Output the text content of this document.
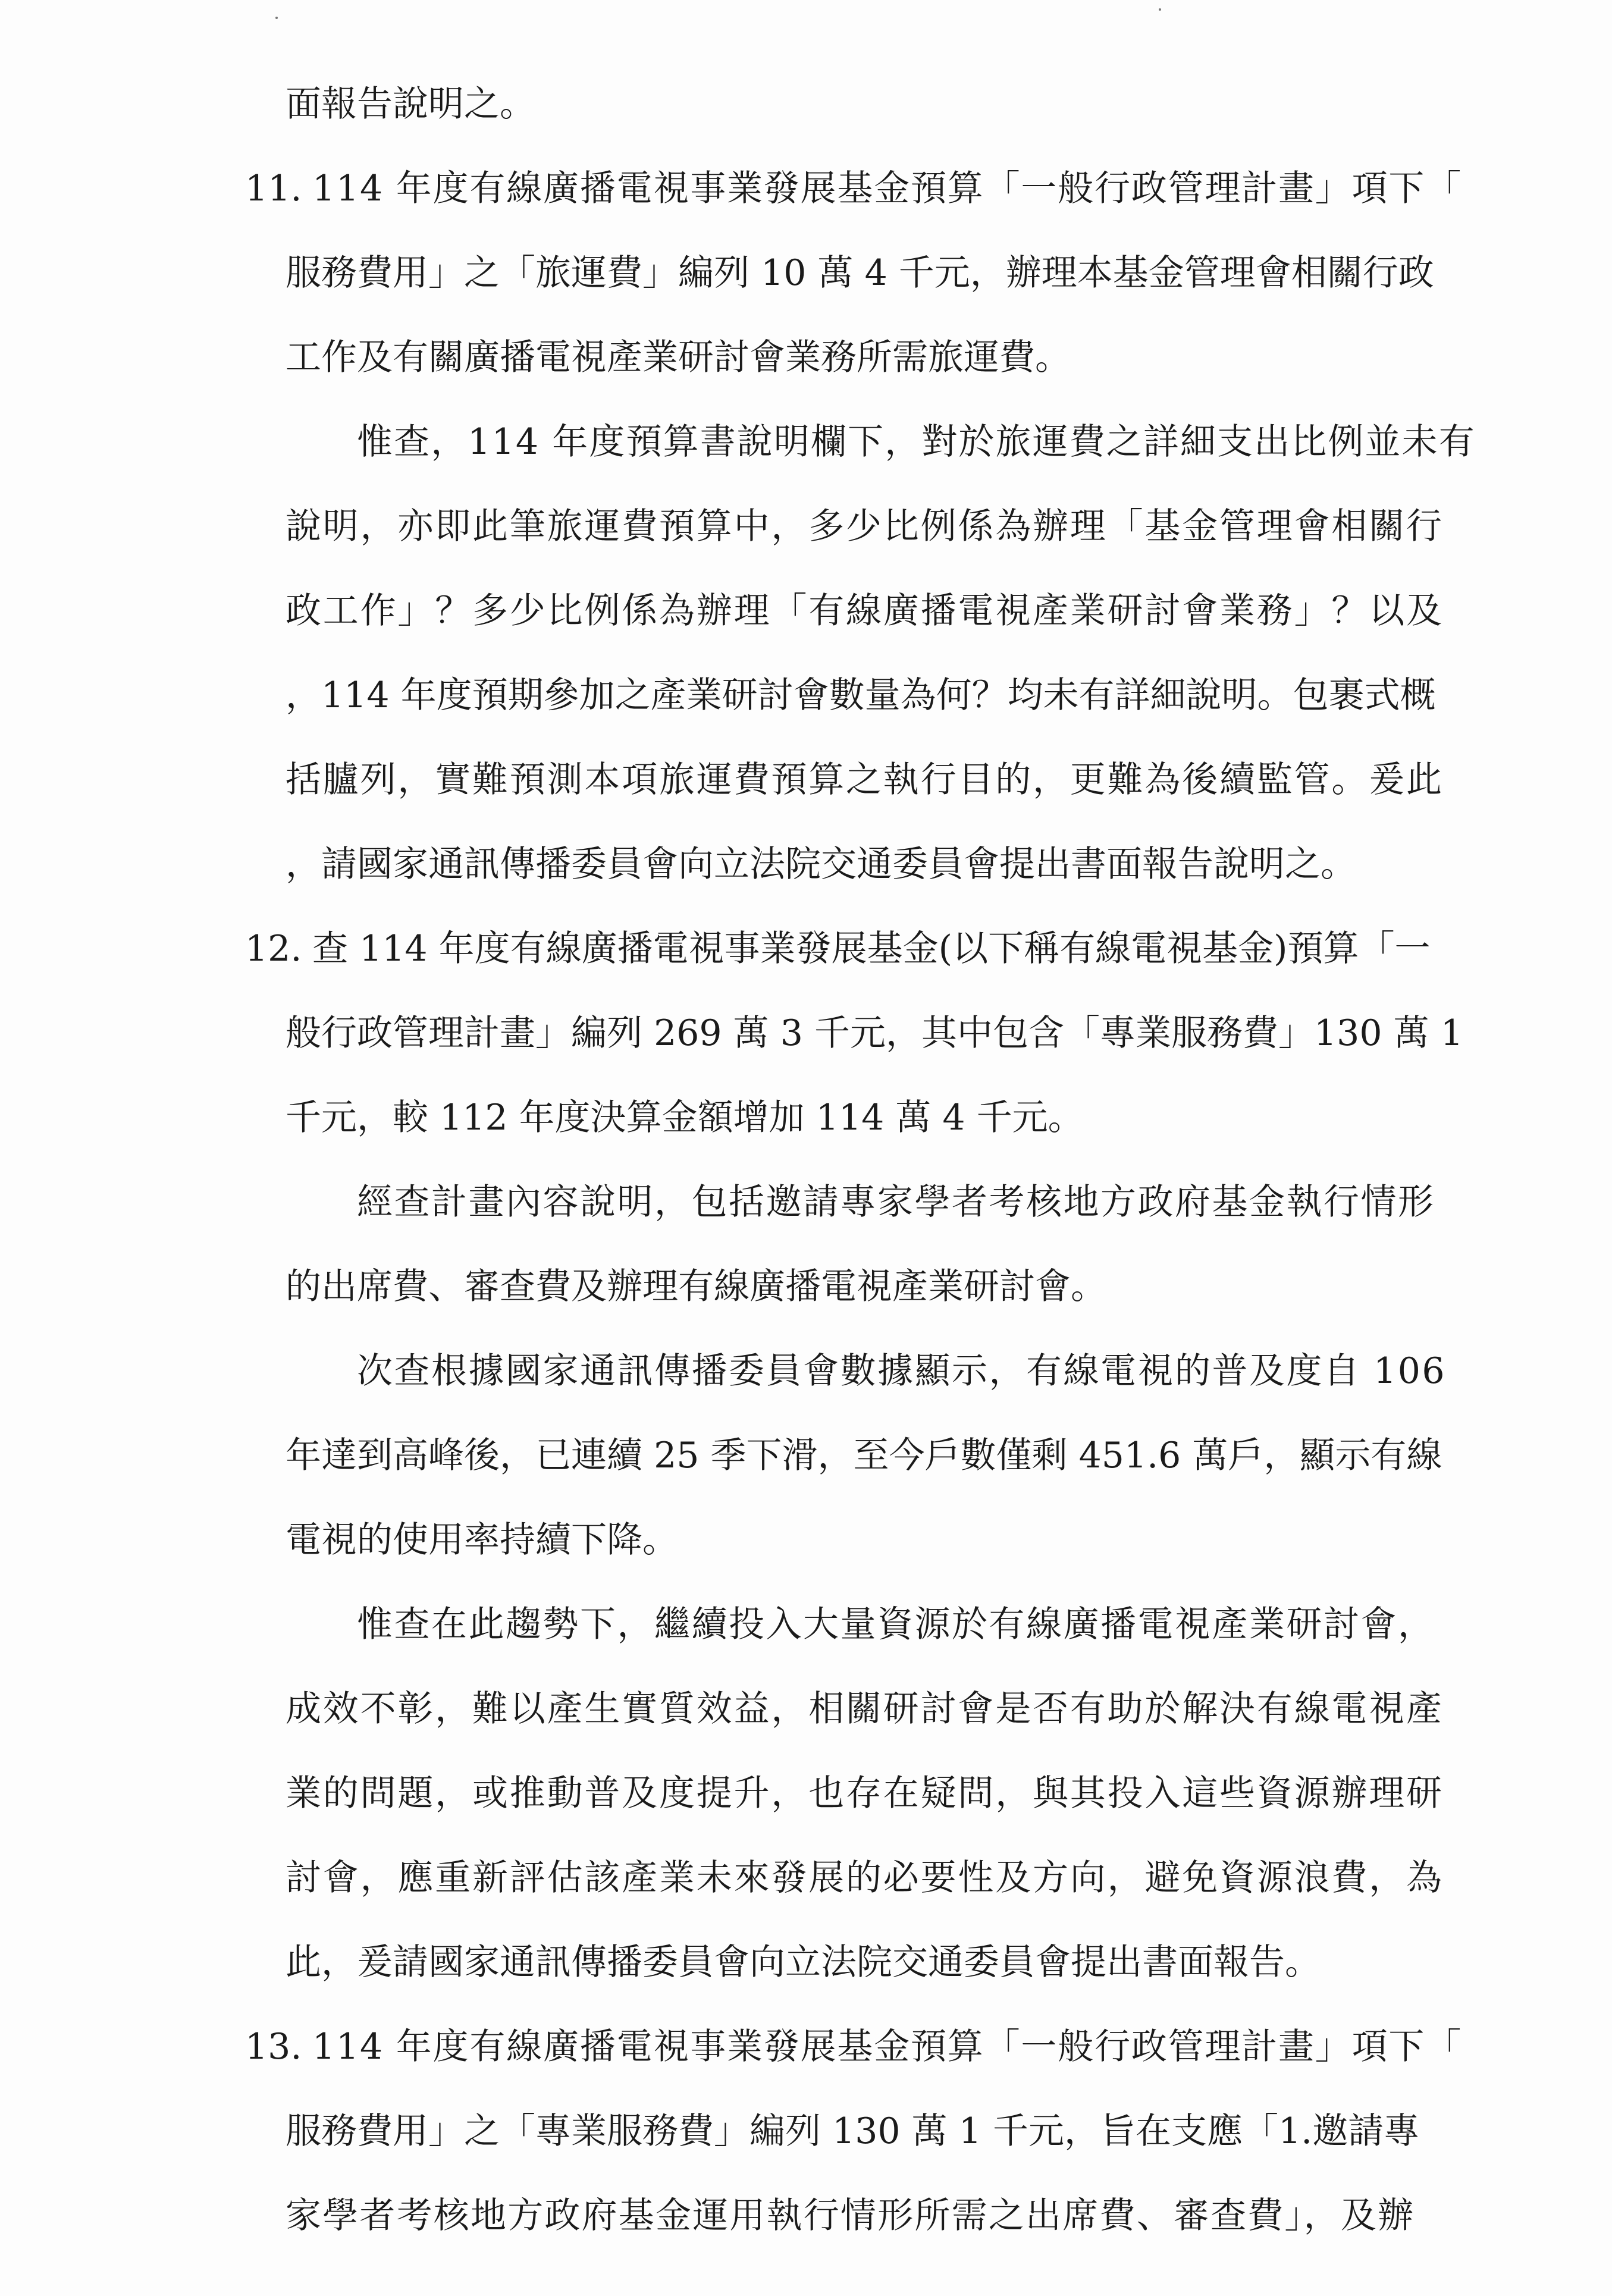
面報告說明之。
11. 114 年度有線廣播電視事業發展基金預算「一般行政管理計畫」項下「
服務費用」之「旅運費」編列 10 萬 4 千元，辦理本基金管理會相關行政
工作及有關廣播電視產業研討會業務所需旅運費。
惟查，114 年度預算書說明欄下，對於旅運費之詳細支出比例並未有
說明，亦即此筆旅運費預算中，多少比例係為辦理「基金管理會相關行
政工作」？多少比例係為辦理「有線廣播電視產業研討會業務」？以及
，114 年度預期參加之產業研討會數量為何？均未有詳細說明。包裹式概
括臚列，實難預測本項旅運費預算之執行目的，更難為後續監管。爰此
，請國家通訊傳播委員會向立法院交通委員會提出書面報告說明之。
12. 查 114 年度有線廣播電視事業發展基金(以下稱有線電視基金)預算「一
般行政管理計畫」編列 269 萬 3 千元，其中包含「專業服務費」130 萬 1
千元，較 112 年度決算金額增加 114 萬 4 千元。
經查計畫內容說明，包括邀請專家學者考核地方政府基金執行情形
的出席費、審查費及辦理有線廣播電視產業研討會。
次查根據國家通訊傳播委員會數據顯示，有線電視的普及度自 106
年達到高峰後，已連續 25 季下滑，至今戶數僅剩 451.6 萬戶，顯示有線
電視的使用率持續下降。
惟查在此趨勢下，繼續投入大量資源於有線廣播電視產業研討會，
成效不彰，難以產生實質效益，相關研討會是否有助於解決有線電視產
業的問題，或推動普及度提升，也存在疑問，與其投入這些資源辦理研
討會，應重新評估該產業未來發展的必要性及方向，避免資源浪費，為
此，爰請國家通訊傳播委員會向立法院交通委員會提出書面報告。
13. 114 年度有線廣播電視事業發展基金預算「一般行政管理計畫」項下「
服務費用」之「專業服務費」編列 130 萬 1 千元，旨在支應「1.邀請專
家學者考核地方政府基金運用執行情形所需之出席費、審查費」，及辦
